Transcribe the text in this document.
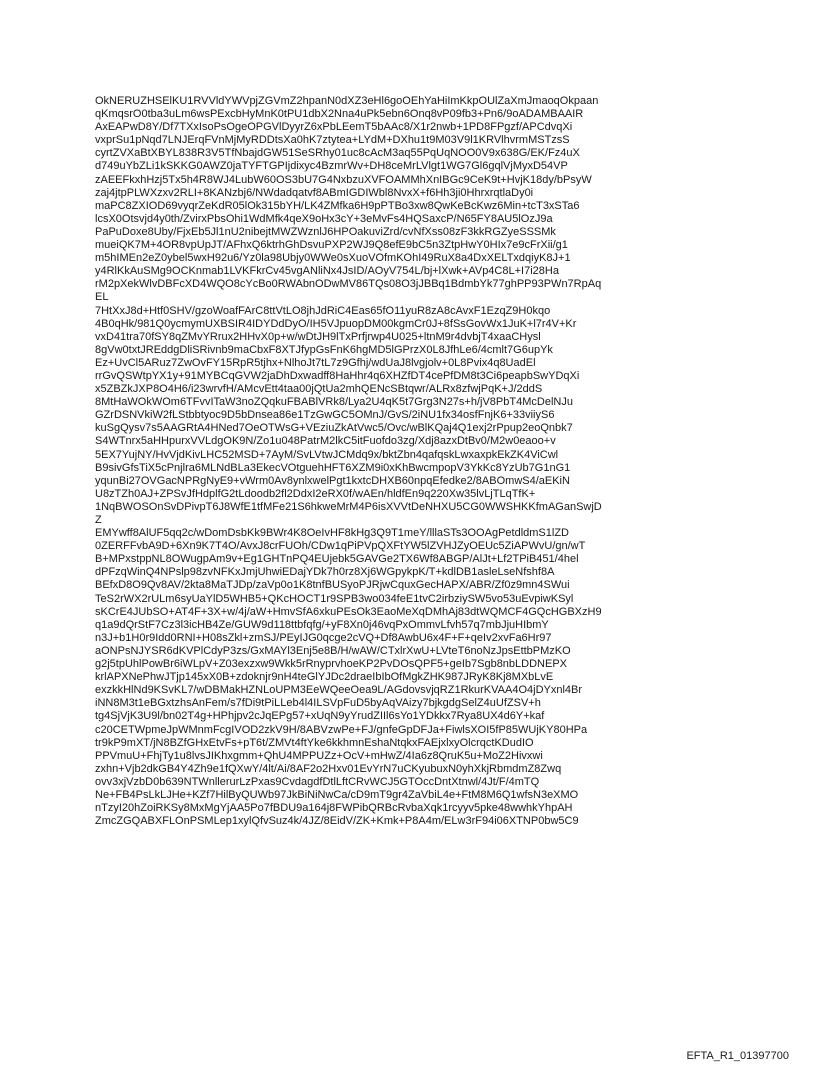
OkNERUZHSElKU1RVVldYWVpjZGVmZ2hpanN0dXZ3eHl6goOEhYaHiImKkpOUlZaXmJmaoqOkpaan
qKmqsrO0tba3uLm6wsPExcbHyMnK0tPU1dbX2Nna4uPk5ebn6Onq8vP09fb3+Pn6/9oADAMBAAIR
AxEAPwD8Y/Df7TXxIsoPsOgeOPGVlDyyrZ6xPbLEemT5bAAc8/X1r2nwb+1PD8FPgzf/APCdvqXi
vxprSu1pNqd7LNJErqFVnMjMyRDDtsXa0hK7ztytea+LYdM+DXhu1t9M03V9l1KRVlhvrmMSTzsS
cyrtZVXaBtXBYL838R3V5TfNbajdGW51SeSRhy01uc8cAcM3aq55PqUqNOO0V9x638G/EK/Fz4uX
d749uYbZLi1kSKKG0AWZ0jaTYFTGPIjdixyc4BzmrWv+DH8ceMrLVlgt1WG7Gl6gqlVjMyxD54VP
zAEEFkxhHzj5Tx5h4R8WJ4LubW60OS3bU7G4NxbzuXVFOAMMhXnIBGc9CeK9t+HvjK18dy/bPsyW
zaj4jtpPLWXzxv2RLI+8KANzbj6/NWdadqatvf8ABmIGDIWbl8NvxX+f6Hh3ji0HhrxrqtlaDy0i
maPC8ZXIOD69vyqrZeKdR05lOk315bYH/LK4ZMfka6H9pPTBo3xw8QwKeBcKwz6Min+tcT3xSTa6
lcsX0Otsvjd4y0th/ZvirxPbsOhi1WdMfk4qeX9oHx3cY+3eMvFs4HQSaxcP/N65FY8AU5lOzJ9a
PaPuDoxe8Uby/FjxEb5Jl1nU2nibejtMWZWznlJ6HPOakuviZrd/cvNfXss08zF3kkRGZyeSSSMk
mueiQK7M+4OR8vpUpJT/AFhxQ6ktrhGhDsvuPXP2WJ9Q8efE9bC5n3ZtpHwY0HIx7e9cFrXii/g1
m5hIMEn2eZ0ybel5wxH92u6/Yz0la98Ubjy0WWe0sXuoVOfmKOhI49RuX8a4DxXELTxdqiyK8J+1
y4RlKkAuSMg9OCKnmab1LVKFkrCv45vgANliNx4JsID/AOyV754L/bj+lXwk+AVp4C8L+I7i28Ha
rM2pXekWlvDBFcXD4WQO8cYcBo0RWAbnODwMV86TQs08O3jJBBq1BdmbYk77ghPP93PWn7RpAq
EL
7HtXxJ8d+Htf0SHV/gzoWoafFArC8ttVtLO8jhJdRiC4Eas65fO11yuR8zA8cAvxF1EzqZ9H0kqo
4B0qHk/981Q0ycmymUXBSIR4IDYDdDyO/IH5VJpuopDM00kgmCr0J+8fSsGovWx1JuK+l7r4V+Kr
vxD41tra70fSY8qZMvYRrux2HHvX0p+w/wDtJH9lTxPrfjrwp4U025+ltnM9r4dvbjT4xaaCHysl
8gVw0txtJREddgDliSRivnb9maCbxF8XTJfypGsFnK6hgMD5lGPrzX0L8JfhLe6/4cmlt7G6upYk
Ez+UvCl5ARuz7ZwOvFY15RpR5tjhx+NlhoJt7tL7z9Gfhj/wdUaJ8lvgjolv+0L8Pvix4q8UadEl
rrGvQSWtpYX1y+91MYBCqGVW2jaDhDxwadff8HaHhr4q6XHZfDT4cePfDM8t3Ci6peapbSwYDqXi
x5ZBZkJXP8O4H6/i23wrvfH/AMcvEtt4taa00jQtUa2mhQENcSBtqwr/ALRx8zfwjPqK+J/2ddS
8MtHaWOkWOm6TFvvITaW3noZQqkuFBABlVRk8/Lya2U4qK5t7Grg3N27s+h/jV8PbT4McDelNJu
GZrDSNVkiW2fLStbbtyoc9D5bDnsea86e1TzGwGC5OMnJ/GvS/2iNU1fx34osfFnjK6+33viiyS6
kuSgQysv7s5AAGRtA4HNed7OeOTWsG+VEziuZkAtVwc5/Ovc/wBlKQaj4Q1exj2rPpup2eoQnbk7
S4WTnrx5aHHpurxVVLdgOK9N/Zo1u048PatrM2lkC5itFuofdo3zg/Xdj8azxDtBv0/M2w0eaoo+v
5EX7YujNY/HvVjdKivLHC52MSD+7AyM/SvLVtwJCMdq9x/bktZbn4qafqskLwxaxpkEkZK4ViCwl
B9sivGfsTiX5cPnjlra6MLNdBLa3EkecVOtguehHFT6XZM9i0xKhBwcmpopV3YkKc8YzUb7G1nG1
yqunBi27OVGacNPRgNyE9+vWrm0Av8ynlxwelPgt1kxtcDHXB60npqEfedke2/8ABOmwS4/aEKiN
U8zTZh0AJ+ZPSvJfHdplfG2tLdoodb2fl2DdxI2eRX0f/wAEn/hldfEn9q220Xw35lvLjTLqTfK+
1NqBWOSOnSvDPivpT6J8WfE1tfMFe21S6hkweMrM4P6isXVVtDeNHXU5CG0WWSHKKfmAGanSwjD
Z
EMYwff8AlUF5qq2c/wDomDsbKk9BWr4K8OeIvHF8kHg3Q9T1meY/lllaSTs3OOAgPetdldmS1lZD
0ZERFFvbA9D+6Xn9K7T4O/AvxJ8crFUOh/CDw1qPiPVpQXFtYW5lZVHJZyOEUc5ZiAPWvU/gn/wT
B+MPxstppNL8OWugpAm9v+Eg1GHTnPQ4EUjebk5GAVGe2TX6Wf8ABGP/AlJt+Lf2TPiB451/4hel
dPFzqWinQ4NPslp98zvNFKxJmjUhwiEDajYDk7h0rz8Xj6WGpykpK/T+kdlDB1asleLseNfshf8A
BEfxD8O9Qv8AV/2kta8MaTJDp/zaVp0o1K8tnfBUSyoPJRjwCquxGecHAPX/ABR/Zf0z9mn4SWui
TeS2rWX2rULm6syUaYlD5WHB5+QKcHOCT1r9SPB3wo034feE1tvC2irbziySW5vo53uEvpiwKSyl
sKCrE4JUbSO+AT4F+3X+w/4j/aW+HmvSfA6xkuPEsOk3EaoMeXqDMhAj83dtWQMCF4GQcHGBXzH9
q1a9dQrStF7Cz3l3icHB4Ze/GUW9d118ttbfqfg/+yF8Xn0j46vqPxOmmvLfvh57q7mbJjuHIbmY
n3J+b1H0r9Idd0RNI+H08sZkl+zmSJ/PEyIJG0qcge2cVQ+Df8AwbU6x4F+F+qeIv2xvFa6Hr97
aONPsNJYSR6dKVPlCdyP3zs/GxMAYl3Enj5e8B/H/wAW/CTxlrXwU+LVteT6noNzJpsEttbPMzKO
g2j5tpUhlPowBr6iWLpV+Z03exzxw9Wkk5rRnyprvhoeKP2PvDOsQPF5+geIb7Sgb8nbLDDNEPX
krlAPXNePhwJTjp145xX0B+zdoknjr9nH4teGlYJDc2draeIbIbOfMgkZHK987JRyK8Kj8MXbLvE
exzkkHlNd9KSvKL7/wDBMakHZNLoUPM3EeWQeeOea9L/AGdovsvjqRZ1RkurKVAA4O4jDYxnl4Br
iNN8M3t1eBGxtzhsAnFem/s7fDi9tPiLLeb4l4ILSVpFuD5byAqVAizy7bjkgdgSelZ4uUfZSV+h
tg4SjVjK3U9l/bn02T4g+HPhjpv2cJqEPg57+xUqN9yYrudZIIl6sYo1YDkkx7Rya8UX4d6Y+kaf
c20CETWpmeJpWMnmFcgIVOD2zkV9H/8ABVzwPe+FJ/gnfeGpDFJa+FiwlsXOI5fP85WUjKY80HPa
tr9kP9mXT/jN8BZfGHxEtvFs+pT6t/ZMVt4ftYke6kkhmnEshaNtqkxFAEjxlxyOlcrqctKDudIO
PPVmuU+FhjTy1u8lvsJIKhxgmm+QhU4MPPUZz+OcV+mHwZ/4Ia6z8QruK5u+MoZ2Hivxwi
zxhn+Vjb2dkGB4Y4Zh9e1fQXwY/4lt/Ai/8AF2o2Hxv01EvYrN7uCKyubuxN0yhXkjRbmdmZ8Zwq
ovv3xjVzbD0b639NTWnllerurLzPxas9CvdagdfDtlLftCRvWCJ5GTOccDntXtnwl/4Jt/F/4mTQ
Ne+FB4PsLkLJHe+KZf7HilByQUWb97JkBiNiNwCa/cD9mT9gr4ZaVbiL4e+FtM8M6Q1wfsN3eXMO
nTzyI20hZoiRKSy8MxMgYjAA5Po7fBDU9a164j8FWPibQRBcRvbaXqk1rcyyv5pke48wwhkYhpAH
ZmcZGQABXFLOnPSMLep1xylQfvSuz4k/4JZ/8EidV/ZK+Kmk+P8A4m/ELw3rF94i06XTNP0bw5C9
EFTA_R1_01397700
